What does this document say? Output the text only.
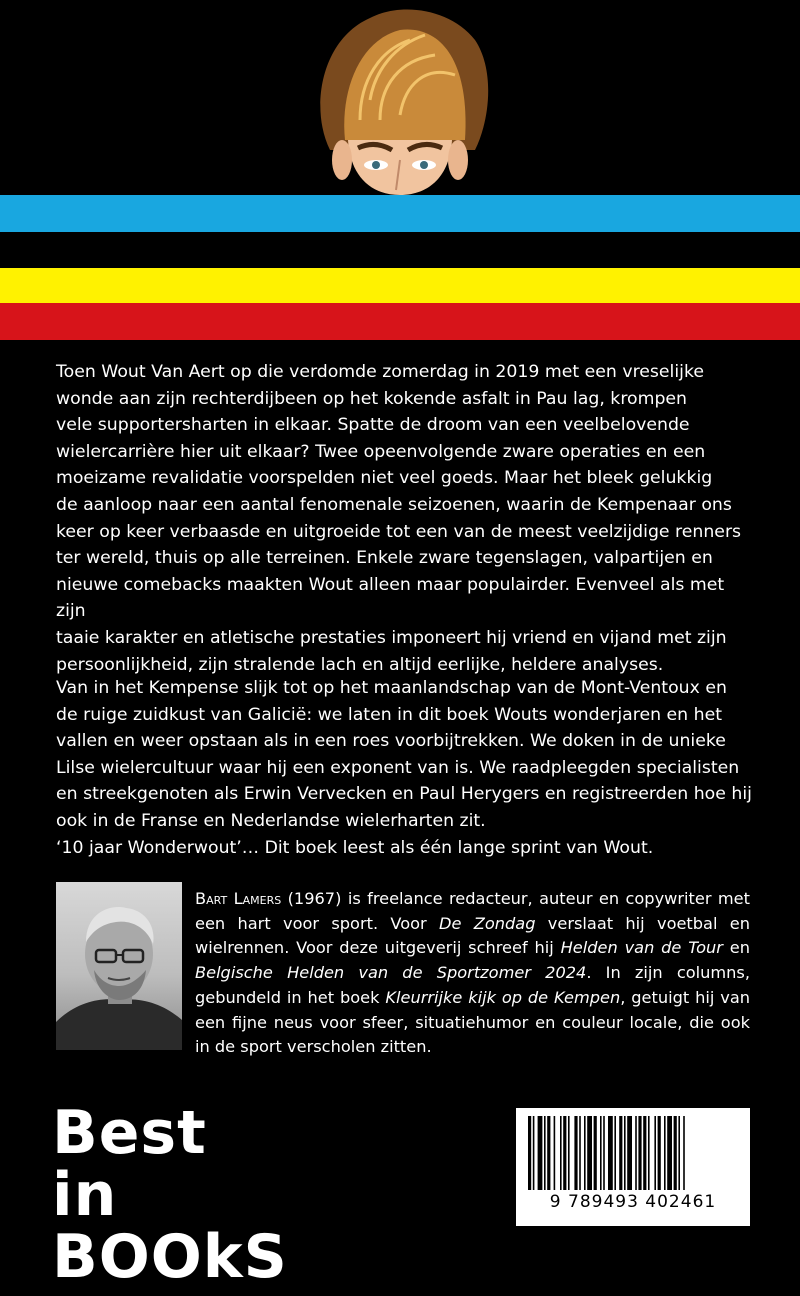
Toen Wout Van Aert op die verdomde zomerdag in 2019 met een vreselijke
wonde aan zijn rechterdijbeen op het kokende asfalt in Pau lag, krompen
vele supportersharten in elkaar. Spatte de droom van een veelbelovende
wielercarrière hier uit elkaar? Twee opeenvolgende zware operaties en een
moeizame revalidatie voorspelden niet veel goeds. Maar het bleek gelukkig
de aanloop naar een aantal fenomenale seizoenen, waarin de Kempenaar ons
keer op keer verbaasde en uitgroeide tot een van de meest veelzijdige renners
ter wereld, thuis op alle terreinen. Enkele zware tegenslagen, valpartijen en
nieuwe comebacks maakten Wout alleen maar populairder. Evenveel als met zijn
taaie karakter en atletische prestaties imponeert hij vriend en vijand met zijn
persoonlijkheid, zijn stralende lach en altijd eerlijke, heldere analyses.
Van in het Kempense slijk tot op het maanlandschap van de Mont-Ventoux en
de ruige zuidkust van Galicië: we laten in dit boek Wouts wonderjaren en het
vallen en weer opstaan als in een roes voorbijtrekken. We doken in de unieke
Lilse wielercultuur waar hij een exponent van is. We raadpleegden specialisten
en streekgenoten als Erwin Vervecken en Paul Herygers en registreerden hoe hij
ook in de Franse en Nederlandse wielerharten zit.
‘10 jaar Wonderwout’… Dit boek leest als één lange sprint van Wout.
Bart Lamers (1967) is freelance redacteur, auteur en copywriter met een hart voor sport. Voor De Zondag verslaat hij voetbal en wielrennen. Voor deze uitgeverij schreef hij Helden van de Tour en Belgische Helden van de Sportzomer 2024. In zijn columns, gebundeld in het boek Kleurrijke kijk op de Kempen, getuigt hij van een fijne neus voor sfeer, situatiehumor en couleur locale, die ook in de sport verscholen zitten.
Best in
BOOkS
9 789493 402461
